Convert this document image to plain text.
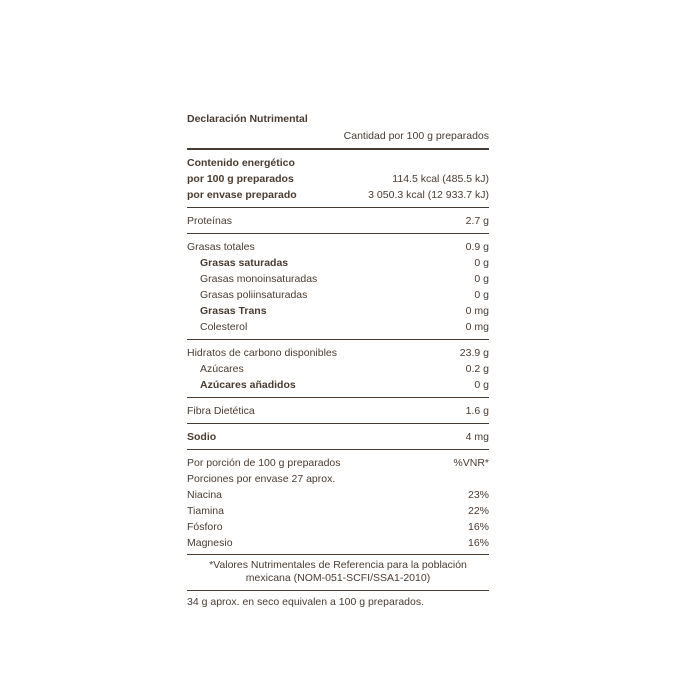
Declaración Nutrimental
Cantidad por 100 g preparados
Contenido energético
por 100 g preparados	114.5 kcal (485.5 kJ)
por envase preparado	3 050.3 kcal (12 933.7 kJ)
Proteínas	2.7 g
Grasas totales	0.9 g
Grasas saturadas	0 g
Grasas monoinsaturadas	0 g
Grasas poliinsaturadas	0 g
Grasas Trans	0 mg
Colesterol	0 mg
Hidratos de carbono disponibles	23.9 g
Azúcares	0.2 g
Azúcares añadidos	0 g
Fibra Dietética	1.6 g
Sodio	4 mg
Por porción de 100 g preparados	%VNR*
Porciones por envase 27 aprox.
Niacina	23%
Tiamina	22%
Fósforo	16%
Magnesio	16%
*Valores Nutrimentales de Referencia para la población
mexicana (NOM-051-SCFI/SSA1-2010)
34 g aprox. en seco equivalen a 100 g preparados.
